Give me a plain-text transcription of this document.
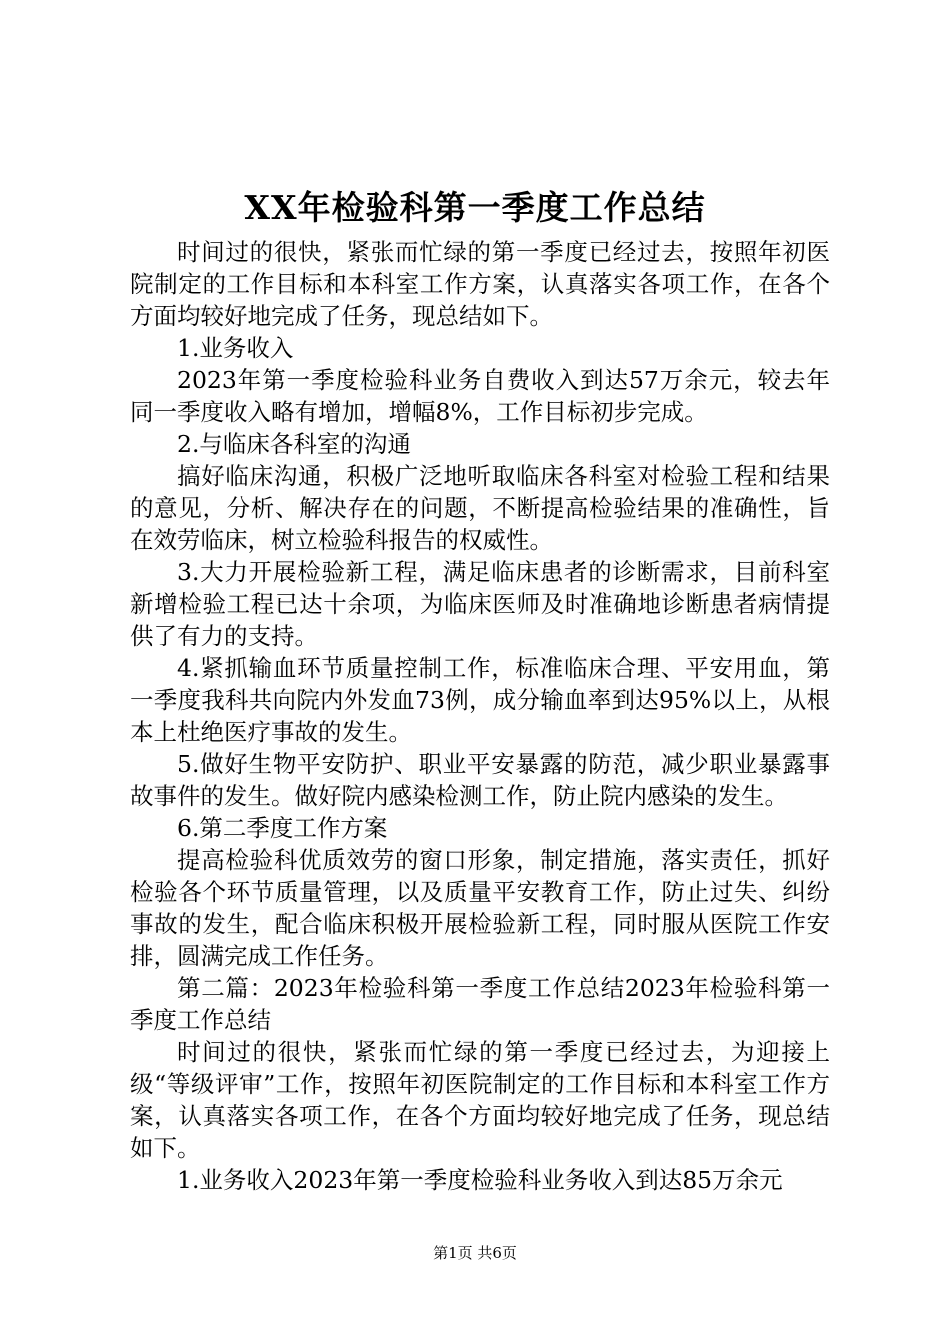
XX年检验科第一季度工作总结

时间过的很快，紧张而忙绿的第一季度已经过去，按照年初医院制定的工作目标和本科室工作方案，认真落实各项工作，在各个方面均较好地完成了任务，现总结如下。

1.业务收入

2023年第一季度检验科业务自费收入到达57万余元，较去年同一季度收入略有增加，增幅8%，工作目标初步完成。

2.与临床各科室的沟通

搞好临床沟通，积极广泛地听取临床各科室对检验工程和结果的意见，分析、解决存在的问题，不断提高检验结果的准确性，旨在效劳临床，树立检验科报告的权威性。

3.大力开展检验新工程，满足临床患者的诊断需求，目前科室新增检验工程已达十余项，为临床医师及时准确地诊断患者病情提供了有力的支持。

4.紧抓输血环节质量控制工作，标准临床合理、平安用血，第一季度我科共向院内外发血73例，成分输血率到达95%以上，从根本上杜绝医疗事故的发生。

5.做好生物平安防护、职业平安暴露的防范，减少职业暴露事故事件的发生。做好院内感染检测工作，防止院内感染的发生。

6.第二季度工作方案

提高检验科优质效劳的窗口形象，制定措施，落实责任，抓好检验各个环节质量管理，以及质量平安教育工作，防止过失、纠纷事故的发生，配合临床积极开展检验新工程，同时服从医院工作安排，圆满完成工作任务。

第二篇：2023年检验科第一季度工作总结2023年检验科第一季度工作总结

时间过的很快，紧张而忙绿的第一季度已经过去，为迎接上级“等级评审”工作，按照年初医院制定的工作目标和本科室工作方案，认真落实各项工作，在各个方面均较好地完成了任务，现总结如下。

1.业务收入2023年第一季度检验科业务收入到达85万余元

第1页 共6页
